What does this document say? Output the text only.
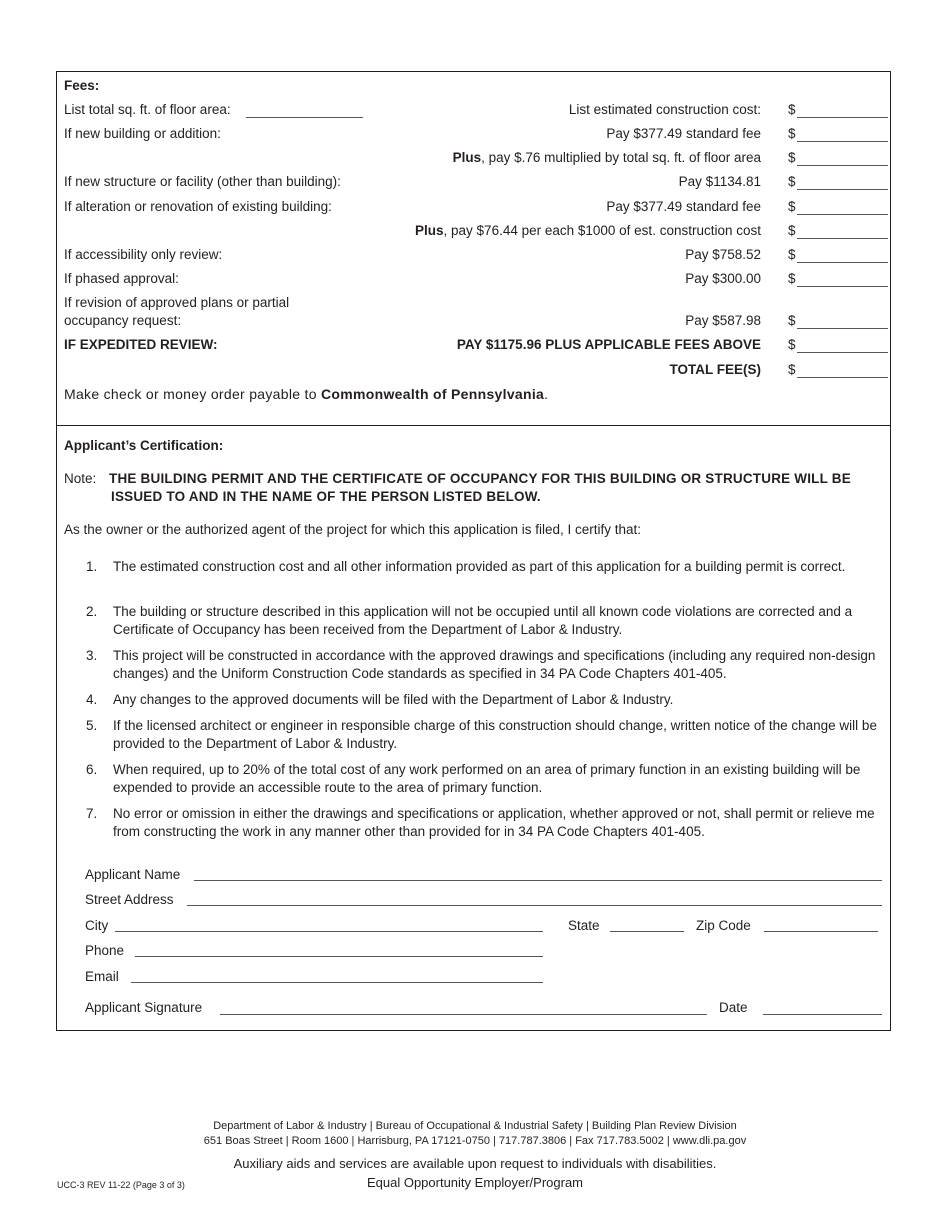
Fees:
List total sq. ft. of floor area:	List estimated construction cost: $
If new building or addition:	Pay $377.49 standard fee $
Plus, pay $.76 multiplied by total sq. ft. of floor area $
If new structure or facility (other than building):	Pay $1134.81 $
If alteration or renovation of existing building:	Pay $377.49 standard fee $
Plus, pay $76.44 per each $1000 of est. construction cost $
If accessibility only review:	Pay $758.52 $
If phased approval:	Pay $300.00 $
If revision of approved plans or partial
occupancy request:	Pay $587.98 $
IF EXPEDITED REVIEW:	PAY $1175.96 PLUS APPLICABLE FEES ABOVE $
TOTAL FEE(S) $
Make check or money order payable to Commonwealth of Pennsylvania.
Applicant’s Certification:
Note: THE BUILDING PERMIT AND THE CERTIFICATE OF OCCUPANCY FOR THIS BUILDING OR STRUCTURE WILL BE
ISSUED TO AND IN THE NAME OF THE PERSON LISTED BELOW.
As the owner or the authorized agent of the project for which this application is filed, I certify that:
1.	The estimated construction cost and all other information provided as part of this application for a building permit is correct.
2.	The building or structure described in this application will not be occupied until all known code violations are corrected and a Certificate of Occupancy has been received from the Department of Labor & Industry.
3.	This project will be constructed in accordance with the approved drawings and specifications (including any required non-design changes) and the Uniform Construction Code standards as specified in 34 PA Code Chapters 401-405.
4.	Any changes to the approved documents will be filed with the Department of Labor & Industry.
5.	If the licensed architect or engineer in responsible charge of this construction should change, written notice of the change will be provided to the Department of Labor & Industry.
6.	When required, up to 20% of the total cost of any work performed on an area of primary function in an existing building will be expended to provide an accessible route to the area of primary function.
7.	No error or omission in either the drawings and specifications or application, whether approved or not, shall permit or relieve me from constructing the work in any manner other than provided for in 34 PA Code Chapters 401-405.
Applicant Name
Street Address
City	State	Zip Code
Phone
Email
Applicant Signature	Date
Department of Labor & Industry | Bureau of Occupational & Industrial Safety | Building Plan Review Division
651 Boas Street | Room 1600 | Harrisburg, PA 17121-0750 | 717.787.3806 | Fax 717.783.5002 | www.dli.pa.gov
Auxiliary aids and services are available upon request to individuals with disabilities.
Equal Opportunity Employer/Program
UCC-3 REV 11-22 (Page 3 of 3)
